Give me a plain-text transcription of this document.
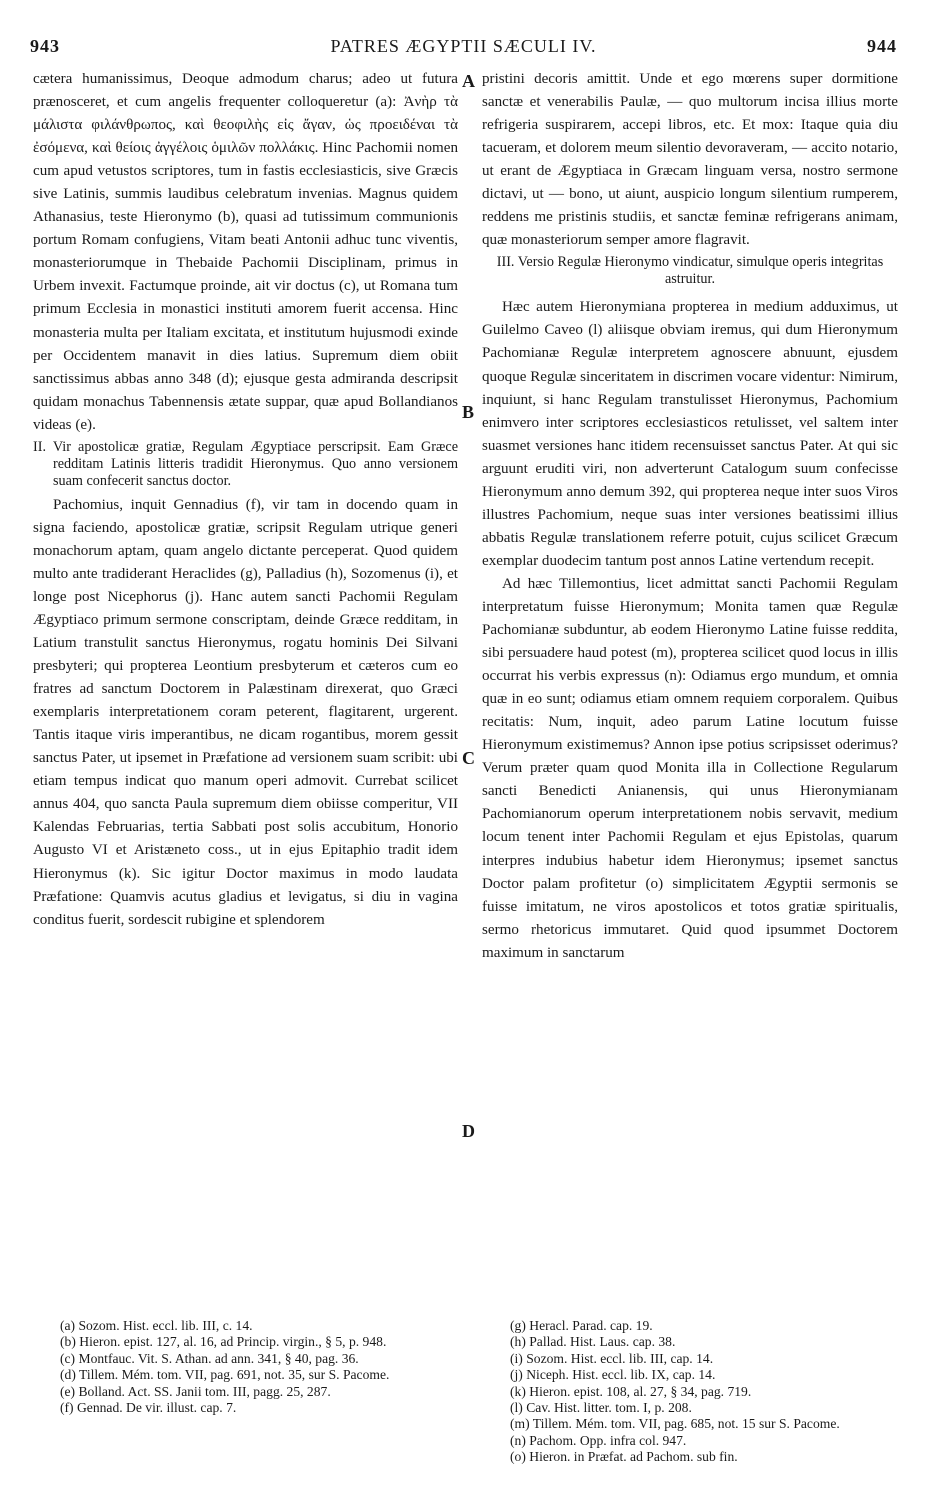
943	PATRES ÆGYPTII SÆCULI IV.	944
A
B
C
D

cætera humanissimus, Deoque admodum charus; adeo ut futura prænosceret, et cum angelis frequenter colloqueretur (a): Ἀνὴρ τὰ μάλιστα φιλάνθρωπος, καὶ θεοφιλὴς εἰς ἄγαν, ὡς προειδέναι τὰ ἐσόμενα, καὶ θείοις ἀγγέλοις ὁμιλῶν πολλάκις. Hinc Pachomii nomen cum apud vetustos scriptores, tum in fastis ecclesiasticis, sive Græcis sive Latinis, summis laudibus celebratum invenias. Magnus quidem Athanasius, teste Hieronymo (b), quasi ad tutissimum communionis portum Romam confugiens, Vitam beati Antonii adhuc tunc viventis, monasteriorumque in Thebaide Pachomii Disciplinam, primus in Urbem invexit. Factumque proinde, ait vir doctus (c), ut Romana tum primum Ecclesia in monastici instituti amorem fuerit accensa. Hinc monasteria multa per Italiam excitata, et institutum hujusmodi exinde per Occidentem manavit in dies latius. Supremum diem obiit sanctissimus abbas anno 348 (d); ejusque gesta admiranda descripsit quidam monachus Tabennensis ætate suppar, quæ apud Bollandianos videas (e).

II. Vir apostolicæ gratiæ, Regulam Ægyptiace perscripsit. Eam Græce redditam Latinis litteris tradidit Hieronymus. Quo anno versionem suam confecerit sanctus doctor.

Pachomius, inquit Gennadius (f), vir tam in docendo quam in signa faciendo, apostolicæ gratiæ, scripsit Regulam utrique generi monachorum aptam, quam angelo dictante perceperat. Quod quidem multo ante tradiderant Heraclides (g), Palladius (h), Sozomenus (i), et longe post Nicephorus (j). Hanc autem sancti Pachomii Regulam Ægyptiaco primum sermone conscriptam, deinde Græce redditam, in Latium transtulit sanctus Hieronymus, rogatu hominis Dei Silvani presbyteri; qui propterea Leontium presbyterum et cæteros cum eo fratres ad sanctum Doctorem in Palæstinam direxerat, quo Græci exemplaris interpretationem coram peterent, flagitarent, urgerent. Tantis itaque viris imperantibus, ne dicam rogantibus, morem gessit sanctus Pater, ut ipsemet in Præfatione ad versionem suam scribit: ubi etiam tempus indicat quo manum operi admovit. Currebat scilicet annus 404, quo sancta Paula supremum diem obiisse comperitur, VII Kalendas Februarias, tertia Sabbati post solis accubitum, Honorio Augusto VI et Aristæneto coss., ut in ejus Epitaphio tradit idem Hieronymus (k). Sic igitur Doctor maximus in modo laudata Præfatione: Quamvis acutus gladius et levigatus, si diu in vagina conditus fuerit, sordescit rubigine et splendorem

pristini decoris amittit. Unde et ego mœrens super dormitione sanctæ et venerabilis Paulæ, — quo multorum incisa illius morte refrigeria suspirarem, accepi libros, etc. Et mox: Itaque quia diu tacueram, et dolorem meum silentio devoraveram, — accito notario, ut erant de Ægyptiaca in Græcam linguam versa, nostro sermone dictavi, ut — bono, ut aiunt, auspicio longum silentium rumperem, reddens me pristinis studiis, et sanctæ feminæ refrigerans animam, quæ monasteriorum semper amore flagravit.

III. Versio Regulæ Hieronymo vindicatur, simulque operis integritas astruitur.

Hæc autem Hieronymiana propterea in medium adduximus, ut Guilelmo Caveo (l) aliisque obviam iremus, qui dum Hieronymum Pachomianæ Regulæ interpretem agnoscere abnuunt, ejusdem quoque Regulæ sinceritatem in discrimen vocare videntur: Nimirum, inquiunt, si hanc Regulam transtulisset Hieronymus, Pachomium enimvero inter scriptores ecclesiasticos retulisset, vel saltem inter suasmet versiones hanc itidem recensuisset sanctus Pater. At qui sic arguunt eruditi viri, non adverterunt Catalogum suum confecisse Hieronymum anno demum 392, qui propterea neque inter suos Viros illustres Pachomium, neque suas inter versiones beatissimi illius abbatis Regulæ translationem referre potuit, cujus scilicet Græcum exemplar duodecim tantum post annos Latine vertendum recepit.

Ad hæc Tillemontius, licet admittat sancti Pachomii Regulam interpretatum fuisse Hieronymum; Monita tamen quæ Regulæ Pachomianæ subduntur, ab eodem Hieronymo Latine fuisse reddita, sibi persuadere haud potest (m), propterea scilicet quod locus in illis occurrat his verbis expressus (n): Odiamus ergo mundum, et omnia quæ in eo sunt; odiamus etiam omnem requiem corporalem. Quibus recitatis: Num, inquit, adeo parum Latine locutum fuisse Hieronymum existimemus? Annon ipse potius scripsisset oderimus? Verum præter quam quod Monita illa in Collectione Regularum sancti Benedicti Anianensis, qui unus Hieronymianam Pachomianorum operum interpretationem nobis servavit, medium locum tenent inter Pachomii Regulam et ejus Epistolas, quarum interpres indubius habetur idem Hieronymus; ipsemet sanctus Doctor palam profitetur (o) simplicitatem Ægyptii sermonis se fuisse imitatum, ne viros apostolicos et totos gratiæ spiritualis, sermo rhetoricus immutaret. Quid quod ipsummet Doctorem maximum in sanctarum

(a) Sozom. Hist. eccl. lib. III, c. 14.
(b) Hieron. epist. 127, al. 16, ad Princip. virgin., § 5, p. 948.
(c) Montfauc. Vit. S. Athan. ad ann. 341, § 40, pag. 36.
(d) Tillem. Mém. tom. VII, pag. 691, not. 35, sur S. Pacome.
(e) Bolland. Act. SS. Janii tom. III, pagg. 25, 287.
(f) Gennad. De vir. illust. cap. 7.
(g) Heracl. Parad. cap. 19.
(h) Pallad. Hist. Laus. cap. 38.
(i) Sozom. Hist. eccl. lib. III, cap. 14.
(j) Niceph. Hist. eccl. lib. IX, cap. 14.
(k) Hieron. epist. 108, al. 27, § 34, pag. 719.
(l) Cav. Hist. litter. tom. I, p. 208.
(m) Tillem. Mém. tom. VII, pag. 685, not. 15 sur S. Pacome.
(n) Pachom. Opp. infra col. 947.
(o) Hieron. in Præfat. ad Pachom. sub fin.
